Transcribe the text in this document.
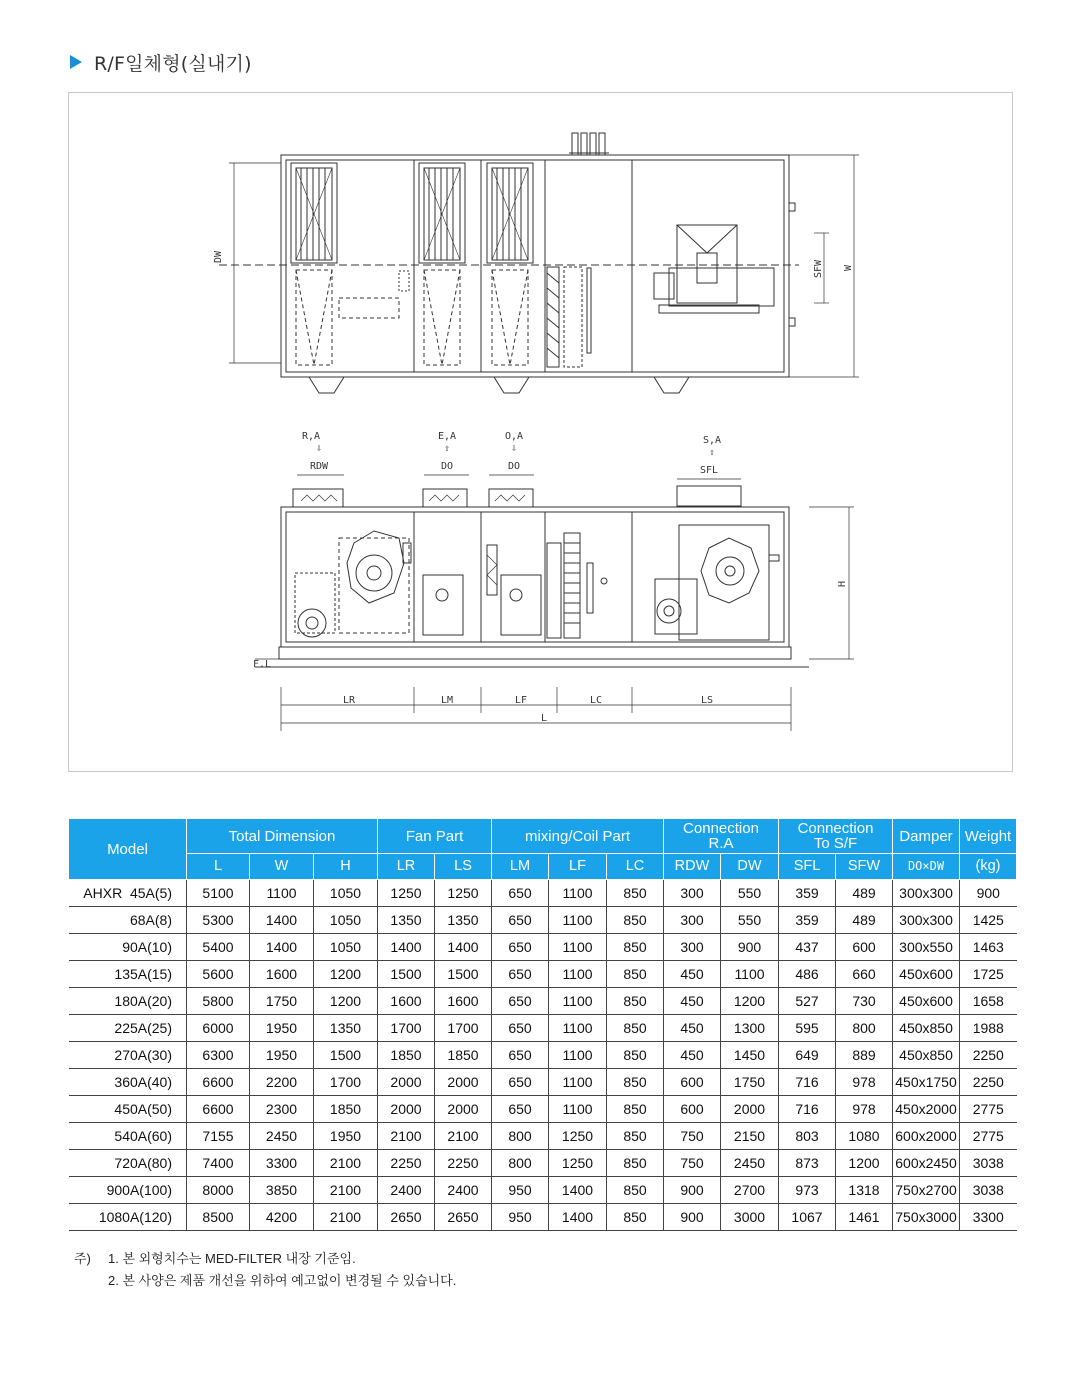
R/F일체형(실내기)
DW
SFW W
R,A
⇩
RDW
E,A
⇧
DO
O,A
⇩
DO
S,A
⇧
SFL
F.L
H
LR	LM	LF	LC	LS
L
Model	Total Dimension			Fan Part		mixing/Coil Part			Connection R.A		Connection To S/F		Damper	Weight
	L	W	H	LR	LS	LM	LF	LC	RDW	DW	SFL	SFW	DO×DW	(kg)
AHXR  45A(5)	5100	1100	1050	1250	1250	650	1100	850	300	550	359	489	300x300	900
68A(8)	5300	1400	1050	1350	1350	650	1100	850	300	550	359	489	300x300	1425
90A(10)	5400	1400	1050	1400	1400	650	1100	850	300	900	437	600	300x550	1463
135A(15)	5600	1600	1200	1500	1500	650	1100	850	450	1100	486	660	450x600	1725
180A(20)	5800	1750	1200	1600	1600	650	1100	850	450	1200	527	730	450x600	1658
225A(25)	6000	1950	1350	1700	1700	650	1100	850	450	1300	595	800	450x850	1988
270A(30)	6300	1950	1500	1850	1850	650	1100	850	450	1450	649	889	450x850	2250
360A(40)	6600	2200	1700	2000	2000	650	1100	850	600	1750	716	978	450x1750	2250
450A(50)	6600	2300	1850	2000	2000	650	1100	850	600	2000	716	978	450x2000	2775
540A(60)	7155	2450	1950	2100	2100	800	1250	850	750	2150	803	1080	600x2000	2775
720A(80)	7400	3300	2100	2250	2250	800	1250	850	750	2450	873	1200	600x2450	3038
900A(100)	8000	3850	2100	2400	2400	950	1400	850	900	2700	973	1318	750x2700	3038
1080A(120)	8500	4200	2100	2650	2650	950	1400	850	900	3000	1067	1461	750x3000	3300
주)	1. 본 외형치수는 MED-FILTER 내장 기준임.
2. 본 사양은 제품 개선을 위하여 예고없이 변경될 수 있습니다.
